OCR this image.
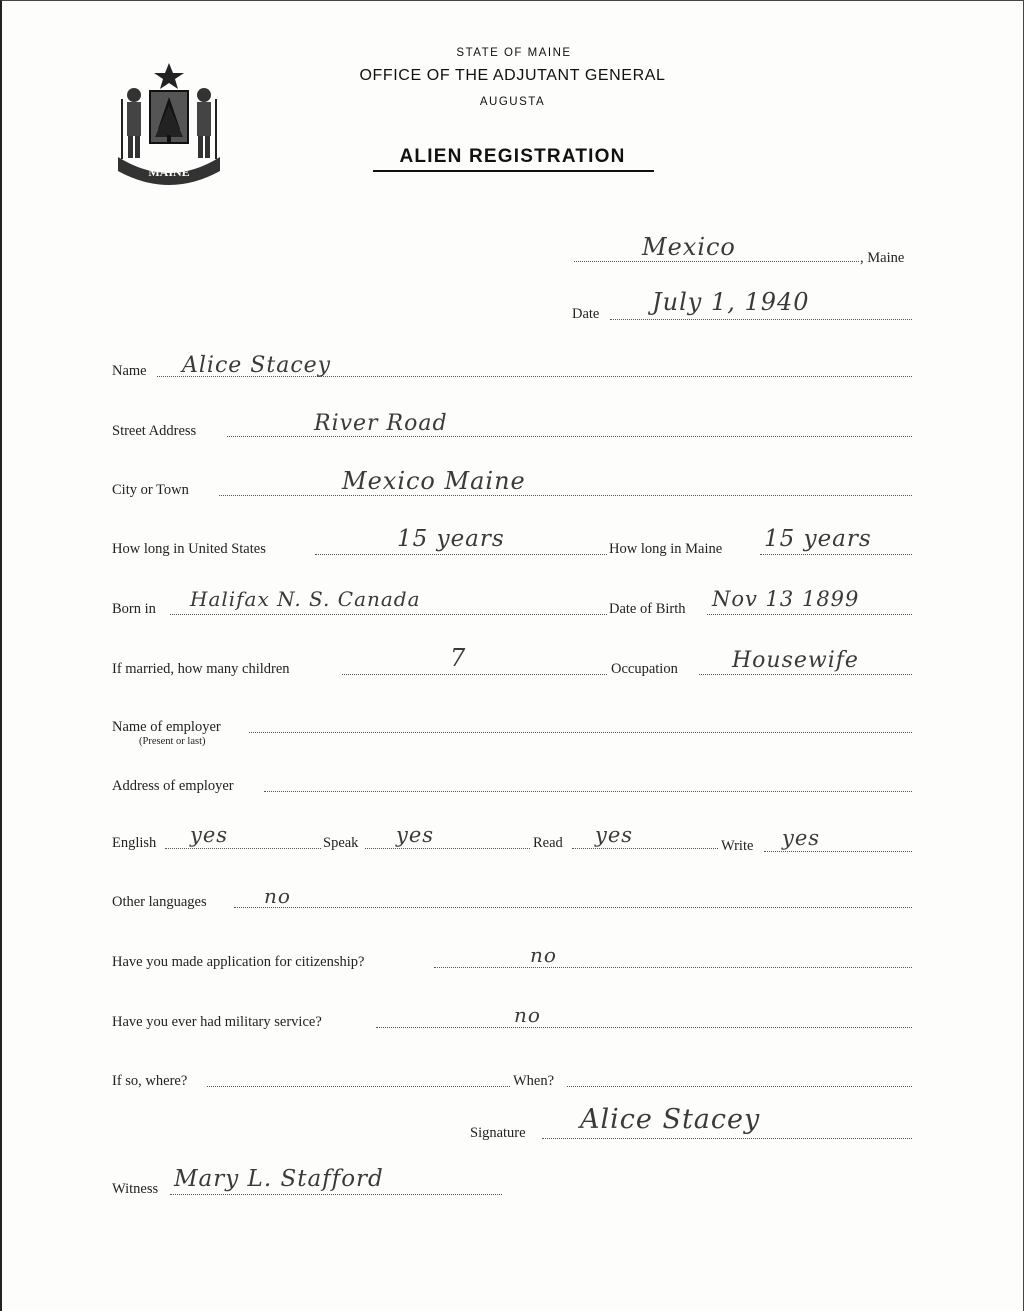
MAINE
STATE OF MAINE
OFFICE OF THE ADJUTANT GENERAL
AUGUSTA
ALIEN REGISTRATION
Mexico	, Maine
Date July 1, 1940
Name Alice Stacey
Street Address	River Road
City or Town	Mexico Maine
How long in United States	15 years	How long in Maine 15 years
Born in Halifax N. S. Canada	Date of Birth Nov 13 1899
If married, how many children	7	Occupation Housewife
Name of employer
(Present or last)
Address of employer
English yes	Speak yes	Read yes	Write yes
Other languages	no
Have you made application for citizenship?	no
Have you ever had military service?	no
If so, where?	When?
Signature Alice Stacey
Witness Mary L. Stafford
